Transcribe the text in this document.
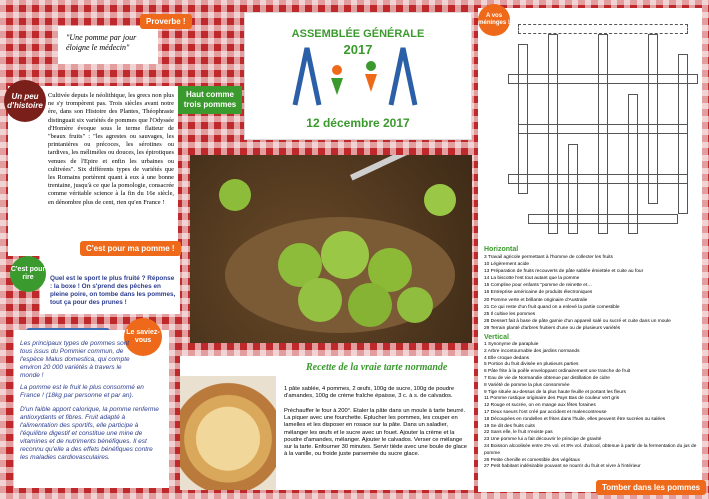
Proverbe !
"Une pomme par jour éloigne le médecin"
Un peu d'histoire
Cultivée depuis le néolithique, les grecs non plus ne s'y trompèrent pas. Trois siècles avant notre ère, dans son Histoire des Plantes, Théophraste distinguait six variétés de pommes que l'Odyssée d'Homère évoque sous le terme flatteur de "beaux fruits" : "les agrestes ou sauvages, les printanières ou précoces, les sérotines ou tardives, les mélimèles ou douces, les épirotiques venues de l'Epire et enfin les urbaines ou cultivées". Six différents types de variétés que les Romains portèrent quant à eux à une bonne trentaine, jusqu'à ce que la pomologie, consacrée comme véritable science à la fin du 16e siècle, en dénombre plus de cent, rien qu'en France !
Haut comme trois pommes
ASSEMBLÉE GÉNÉRALE
2017
12 décembre 2017
C'est pour rire
C'est pour ma pomme !
Quel est le sport le plus fruité ? Réponse : la boxe ! On s'prend des pêches en pleine poire, on tombe dans les pommes, tout ça pour des prunes !
Le saviez-vous
Les principaux types de pommes sont tous issus du Pommier commun, de l'espèce Malus domestica, qui compte environ 20 000 variétés à travers le monde !
La pomme est le fruit le plus consommé en France ! (18kg par personne et par an).
D'un faible apport calorique, la pomme renferme antioxydants et fibres. Fruit adapté à l'alimentation des sportifs, elle participe à l'équilibre digestif et constitue une mine de vitamines et de nutriments bénéfiques. Il est reconnu qu'elle a des effets bénéfiques contre les maladies cardiovasculaires.
Recette de la vraie tarte normande
1 pâte sablée, 4 pommes, 2 œufs, 100g de sucre, 100g de poudre d'amandes, 100g de crème fraîche épaisse, 3 c. à s. de calvados.
Préchauffer le four à 200°. Etaler la pâte dans un moule à tarte beurré. La piquer avec une fourchette. Eplucher les pommes, les couper en lamelles et les disposer en rosace sur la pâte. Dans un saladier, mélanger les œufs et le sucre avec un fouet. Ajouter la crème et la poudre d'amandes, mélanger. Ajouter le calvados. Verser ce mélange sur la tarte. Enfourner 30 minutes. Servir tiède avec une boule de glace à la vanille, ou froide juste parsemée du sucre glace.
A vos méninges !
Horizontal
3 Travail agricole permettant à l'homme de collecter les fruits
10 Légèrement acide
13 Préparation de fruits recouverts de pâte sablée émiettée et cuite au four
14 La biscotte l'est tout autant que la pomme
15 Compline pour enfants "pomme de reinette et…
16 Entreprise américaine de produits électroniques
20 Pomme verte et brillante originaire d'Australie
21 Ce qui reste d'un fruit quand on a enlevé la partie comestible
25 Il cultive les pommes
28 Dessert fait à base de pâte garnie d'un appareil salé ou sucré et cuite dans un moule
29 Terrain planté d'arbres fruitiers d'une ou de plusieurs variétés
Vertical
1 Synonyme de parapluie
2 Arbre incontournable des jardins normands
4 Elle croque dedans
5 Portion du fruit divisée en plusieurs parties
6 Pâte frite à la poêle enveloppant ordinairement une tranche de fruit
7 Eau de vie de Normandie obtenue par distillation de cidre
8 Variété de pomme la plus consommée
9 Tige située au-dessus de la plus haute feuille et portant les fleurs
11 Pomme rustique originaire des Pays Bas de couleur vert gris
12 Rouge et sucrée, on en mange aux fêtes foraines
17 Deux soeurs l'ont créé par accident et malencontreuse
18 Découpées en rondelles et frites dans l'huile, elles peuvent être sucrées ou salées
19 Se dit des fruits cuits
22 Sans elle, le fruit n'existe pas
23 Une pomme lui a fait découvrir le principe de gravité
24 Boisson alcoolisée entre 2% vol. et 8% vol. d'alcool, obtenue à partir de la fermentation du jus de pomme
26 Petite chenille et comestible des végétaux
27 Petit habitant indésirable pouvant se nourrir du fruit et vivre à l'intérieur
Tomber dans les pommes
